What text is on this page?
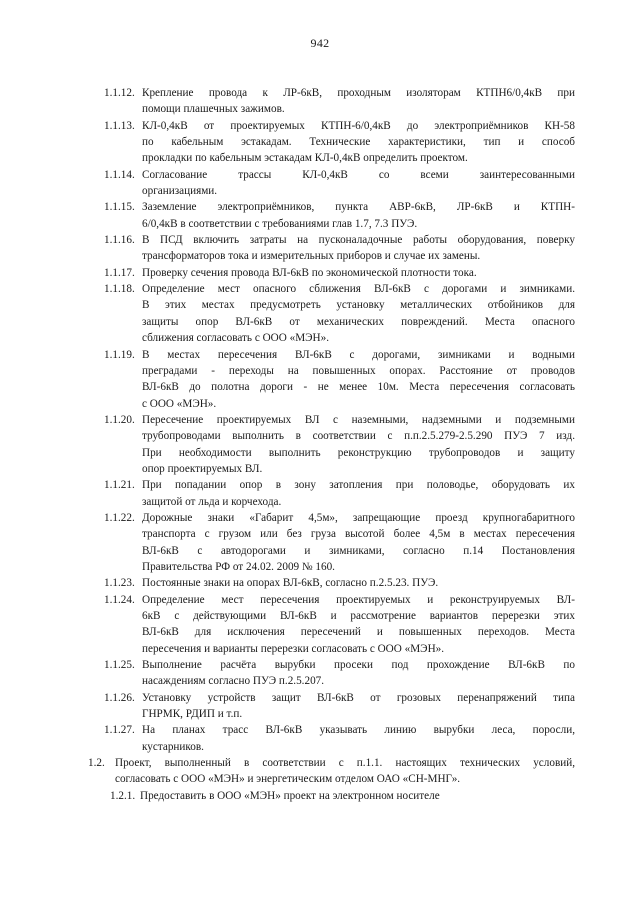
942
1.1.12. Крепление провода к ЛР-6кВ, проходным изоляторам КТПН6/0,4кВ при
помощи плашечных зажимов.
1.1.13. КЛ-0,4кВ от проектируемых КТПН-6/0,4кВ до электроприёмников КН-58
по кабельным эстакадам. Технические характеристики, тип и способ
прокладки по кабельным эстакадам КЛ-0,4кВ определить проектом.
1.1.14. Согласование трассы КЛ-0,4кВ со всеми заинтересованными
организациями.
1.1.15. Заземление электроприёмников, пункта АВР-6кВ, ЛР-6кВ и КТПН-
6/0,4кВ в соответствии с требованиями глав 1.7, 7.3 ПУЭ.
1.1.16. В ПСД включить затраты на пусконаладочные работы оборудования, поверку
трансформаторов тока и измерительных приборов и случае их замены.
1.1.17. Проверку сечения провода ВЛ-6кВ по экономической плотности тока.
1.1.18. Определение мест опасного сближения ВЛ-6кВ с дорогами и зимниками.
В этих местах предусмотреть установку металлических отбойников для
защиты опор ВЛ-6кВ от механических повреждений. Места опасного
сближения согласовать с ООО «МЭН».
1.1.19. В местах пересечения ВЛ-6кВ с дорогами, зимниками и водными
преградами - переходы на повышенных опорах. Расстояние от проводов
ВЛ-6кВ до полотна дороги - не менее 10м. Места пересечения согласовать
с ООО «МЭН».
1.1.20. Пересечение проектируемых ВЛ с наземными, надземными и подземными
трубопроводами выполнить в соответствии с п.п.2.5.279-2.5.290 ПУЭ 7 изд.
При необходимости выполнить реконструкцию трубопроводов и защиту
опор проектируемых ВЛ.
1.1.21. При попадании опор в зону затопления при половодье, оборудовать их
защитой от льда и корчехода.
1.1.22. Дорожные знаки «Габарит 4,5м», запрещающие проезд крупногабаритного
транспорта с грузом или без груза высотой более 4,5м в местах пересечения
ВЛ-6кВ с автодорогами и зимниками, согласно п.14 Постановления
Правительства РФ от 24.02. 2009 № 160.
1.1.23. Постоянные знаки на опорах ВЛ-6кВ, согласно п.2.5.23. ПУЭ.
1.1.24. Определение мест пересечения проектируемых и реконструируемых ВЛ-
6кВ с действующими ВЛ-6кВ и рассмотрение вариантов перерезки этих
ВЛ-6кВ для исключения пересечений и повышенных переходов. Места
пересечения и варианты перерезки согласовать с ООО «МЭН».
1.1.25. Выполнение расчёта вырубки просеки под прохождение ВЛ-6кВ по
насаждениям согласно ПУЭ п.2.5.207.
1.1.26. Установку устройств защит ВЛ-6кВ от грозовых перенапряжений типа
ГНРМК, РДИП и т.п.
1.1.27. На планах трасс ВЛ-6кВ указывать линию вырубки леса, поросли,
кустарников.
1.2. Проект, выполненный в соответствии с п.1.1. настоящих технических условий,
согласовать с ООО «МЭН» и энергетическим отделом ОАО «СН-МНГ».
1.2.1. Предоставить в ООО «МЭН» проект на электронном носителе
